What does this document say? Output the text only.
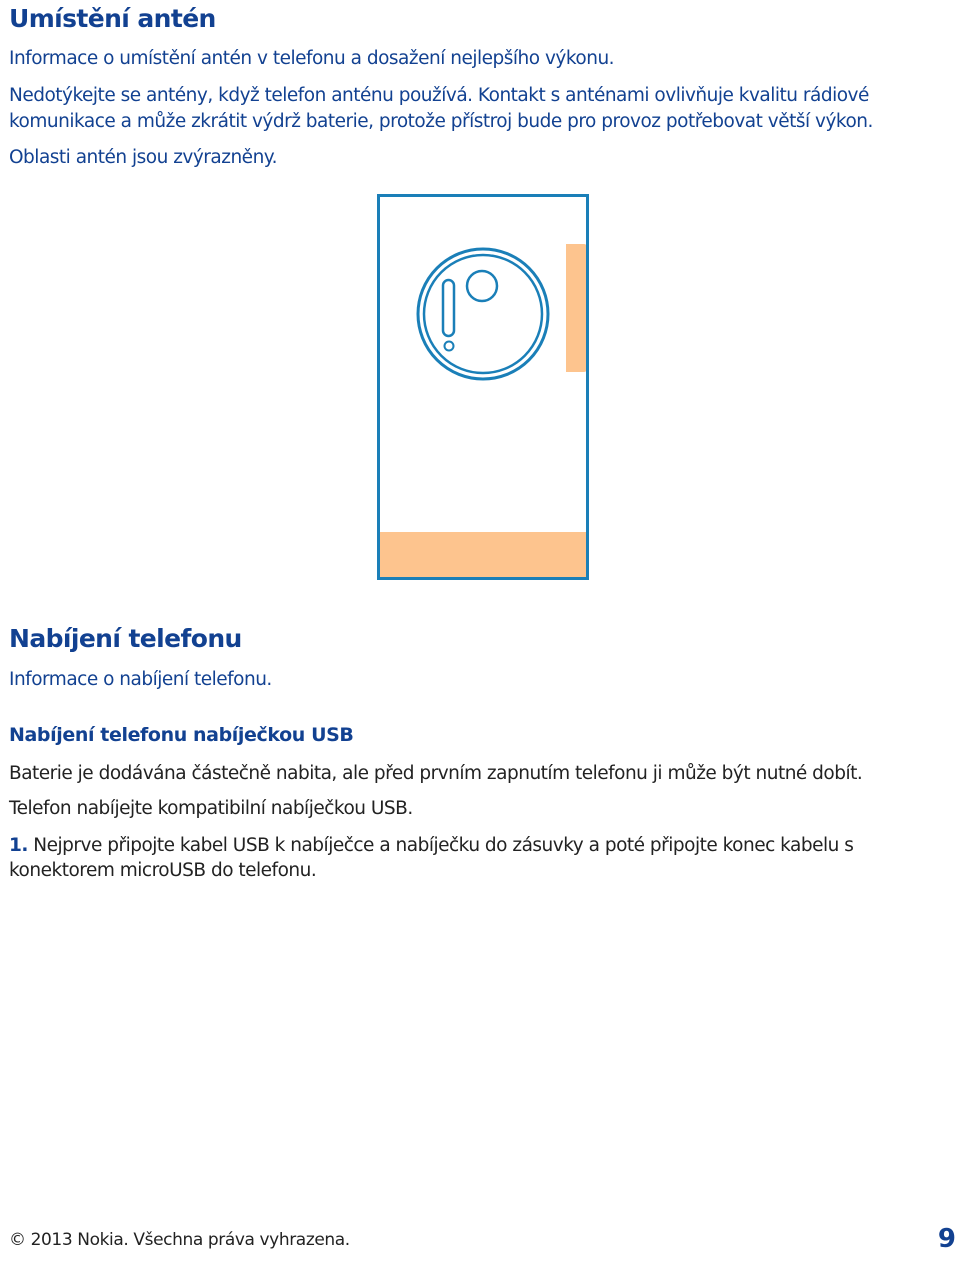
Umístění antén

Informace o umístění antén v telefonu a dosažení nejlepšího výkonu.

Nedotýkejte se antény, když telefon anténu používá. Kontakt s anténami ovlivňuje kvalitu rádiové

komunikace a může zkrátit výdrž baterie, protože přístroj bude pro provoz potřebovat větší výkon.

Oblasti antén jsou zvýrazněny.

Nabíjení telefonu

Informace o nabíjení telefonu.

Nabíjení telefonu nabíječkou USB

Baterie je dodávána částečně nabita, ale před prvním zapnutím telefonu ji může být nutné dobít.

Telefon nabíjejte kompatibilní nabíječkou USB.

1. Nejprve připojte kabel USB k nabíječce a nabíječku do zásuvky a poté připojte konec kabelu s konektorem microUSB do telefonu.

© 2013 Nokia. Všechna práva vyhrazena.	9
